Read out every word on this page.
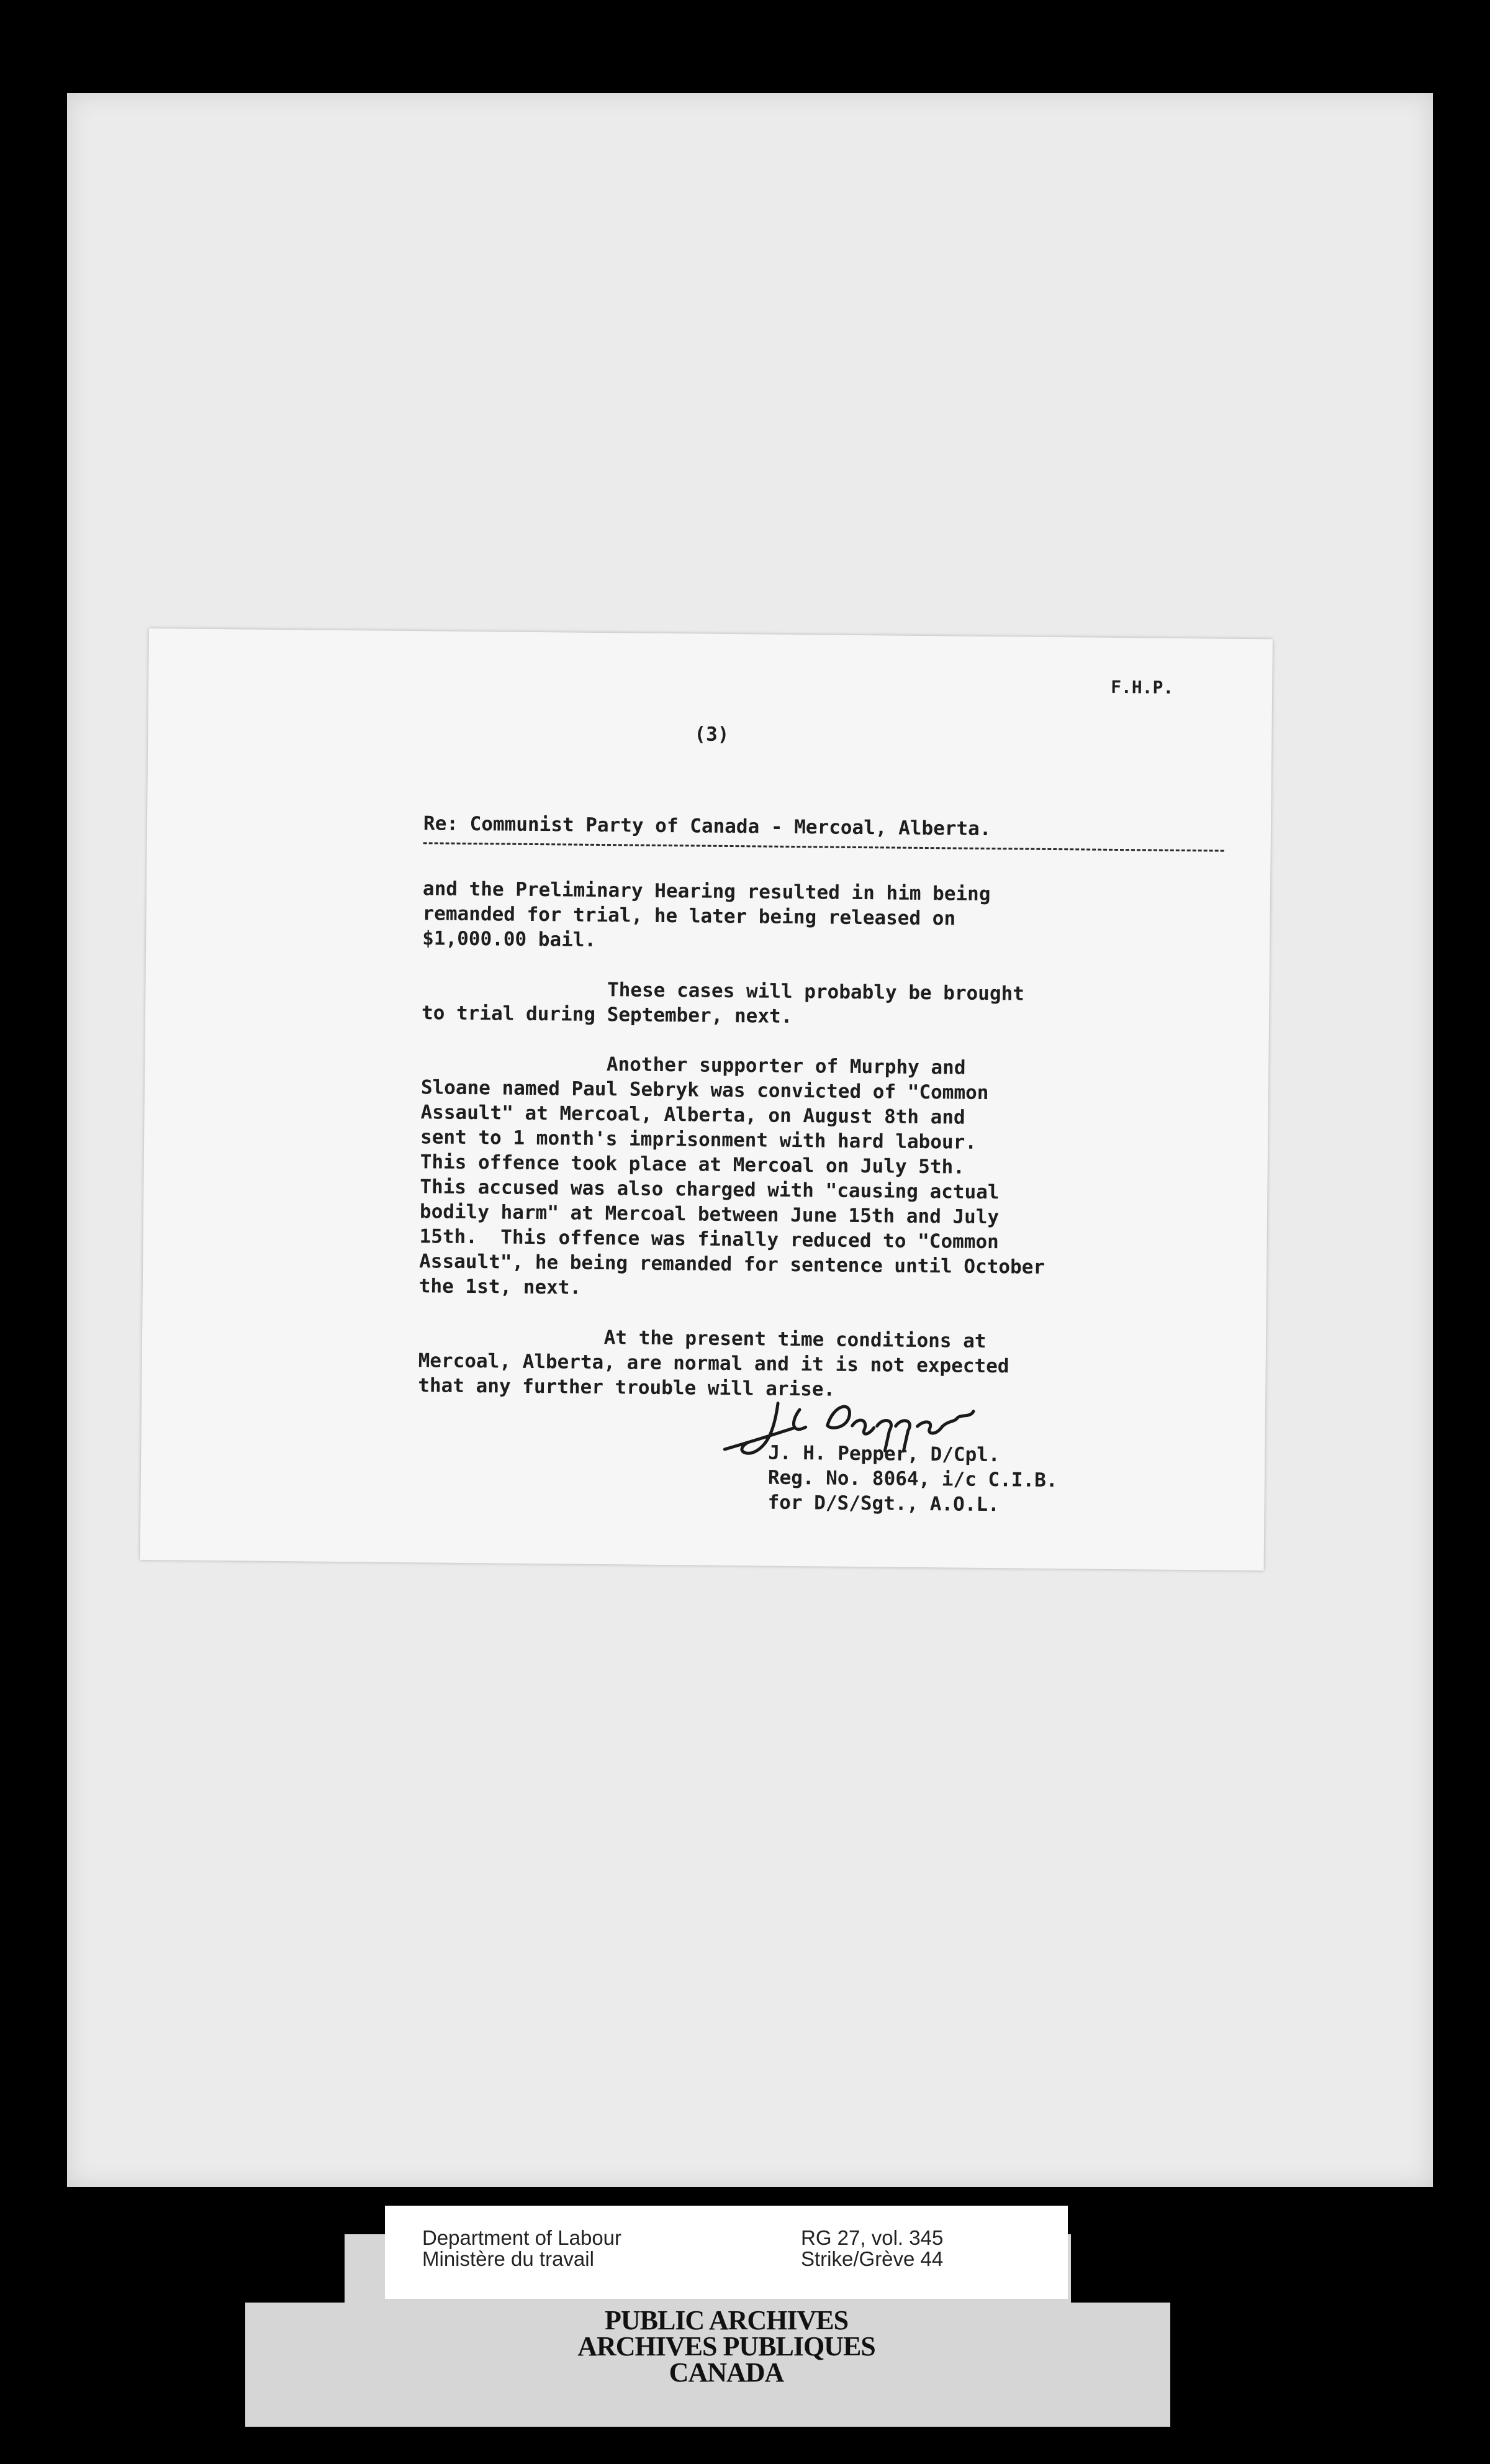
F.H.P.

(3)

Re: Communist Party of Canada - Mercoal, Alberta.

and the Preliminary Hearing resulted in him being
remanded for trial, he later being released on
$1,000.00 bail.

These cases will probably be brought
to trial during September, next.

Another supporter of Murphy and
Sloane named Paul Sebryk was convicted of "Common
Assault" at Mercoal, Alberta, on August 8th and
sent to 1 month's imprisonment with hard labour.
This offence took place at Mercoal on July 5th.
This accused was also charged with "causing actual
bodily harm" at Mercoal between June 15th and July
15th.  This offence was finally reduced to "Common
Assault", he being remanded for sentence until October
the 1st, next.

At the present time conditions at
Mercoal, Alberta, are normal and it is not expected
that any further trouble will arise.

J. H. Pepper, D/Cpl.
Reg. No. 8064, i/c C.I.B.
for D/S/Sgt., A.O.L.

Department of Labour

Ministère du travail

RG 27, vol. 345

Strike/Grève 44

PUBLIC ARCHIVES
ARCHIVES PUBLIQUES
CANADA
